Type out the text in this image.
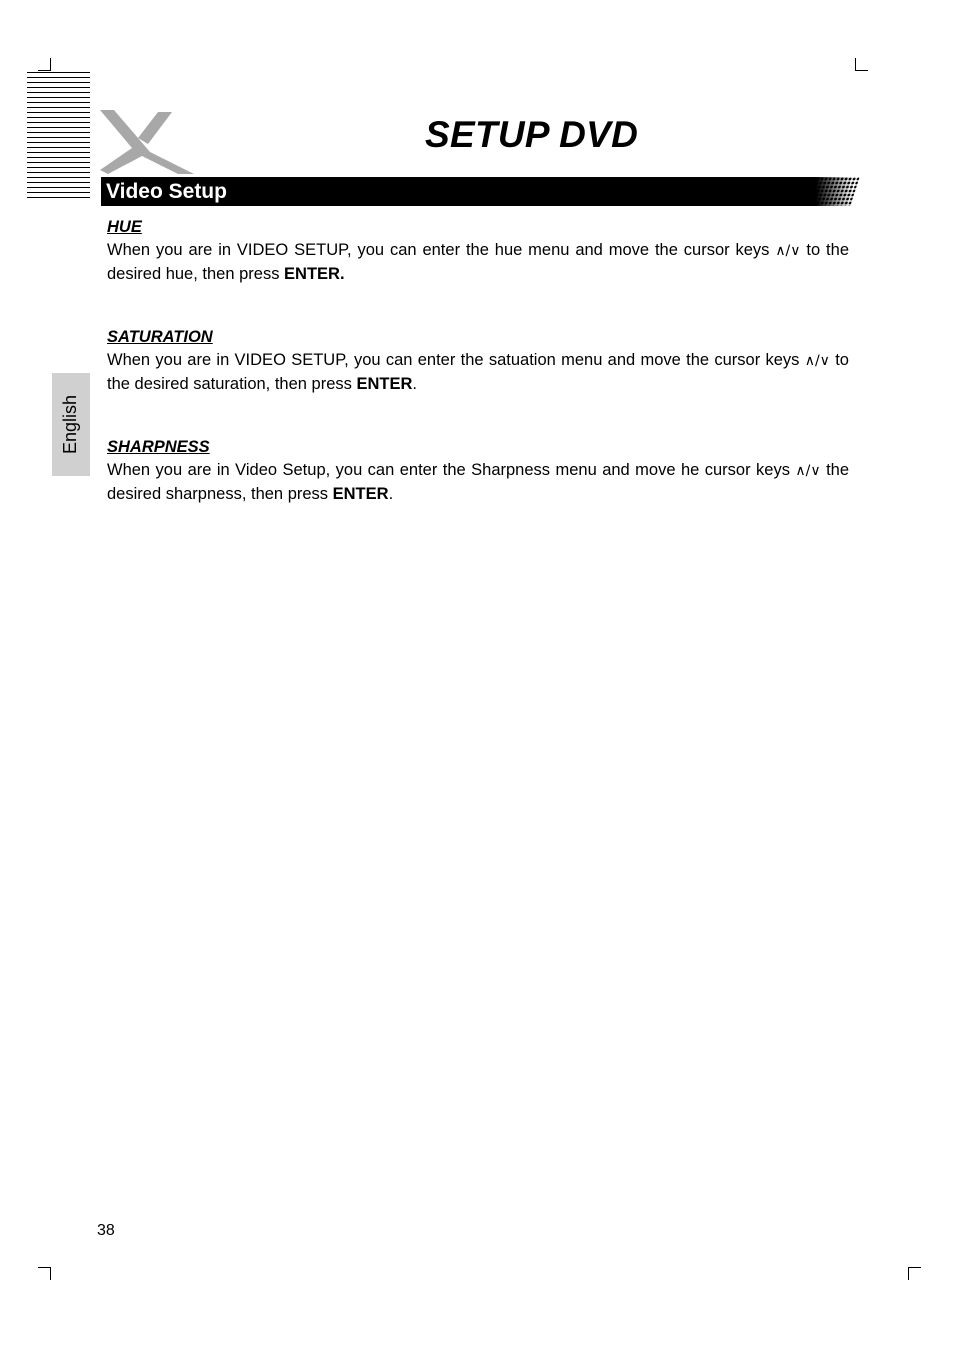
SETUP DVD
Video Setup
English
HUE

When you are in VIDEO SETUP, you can enter the hue menu and move the cursor keys ∧/∨ to the desired hue, then press ENTER.

SATURATION

When you are in VIDEO SETUP, you can enter the satuation menu and move the cursor keys ∧/∨ to the desired saturation, then press ENTER.

SHARPNESS

When you are in Video Setup, you can enter the Sharpness menu and move he cursor keys ∧/∨ the desired sharpness, then press ENTER.

38
